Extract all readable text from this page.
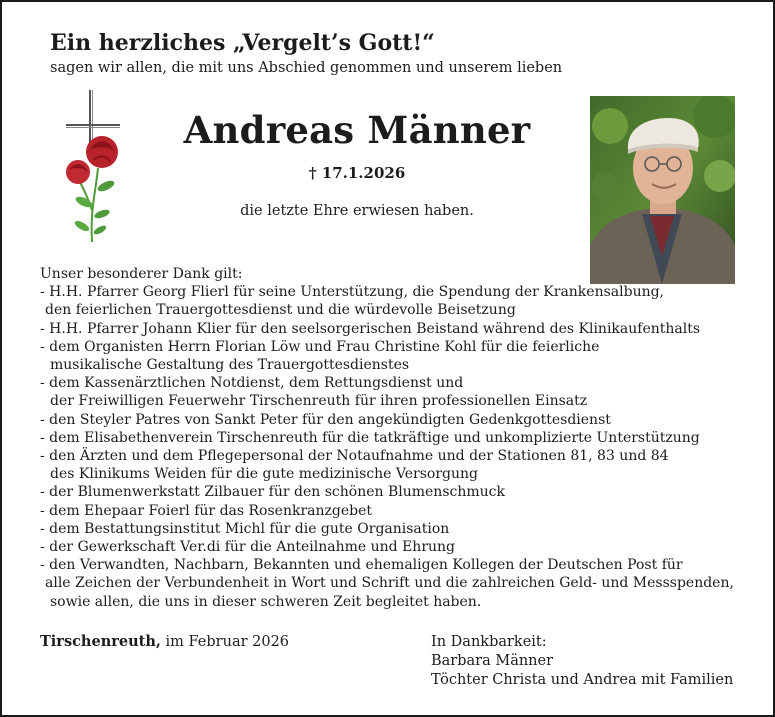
Ein herzliches „Vergelt’s Gott!“
sagen wir allen, die mit uns Abschied genommen und unserem lieben
Andreas Männer
† 17.1.2026
die letzte Ehre erwiesen haben.
Unser besonderer Dank gilt:
- H.H. Pfarrer Georg Flierl für seine Unterstützung, die Spendung der Krankensalbung,
den feierlichen Trauergottesdienst und die würdevolle Beisetzung
- H.H. Pfarrer Johann Klier für den seelsorgerischen Beistand während des Klinikaufenthalts
- dem Organisten Herrn Florian Löw und Frau Christine Kohl für die feierliche
musikalische Gestaltung des Trauergottesdienstes
- dem Kassenärztlichen Notdienst, dem Rettungsdienst und
der Freiwilligen Feuerwehr Tirschenreuth für ihren professionellen Einsatz
- den Steyler Patres von Sankt Peter für den angekündigten Gedenkgottesdienst
- dem Elisabethenverein Tirschenreuth für die tatkräftige und unkomplizierte Unterstützung
- den Ärzten und dem Pflegepersonal der Notaufnahme und der Stationen 81, 83 und 84
des Klinikums Weiden für die gute medizinische Versorgung
- der Blumenwerkstatt Zilbauer für den schönen Blumenschmuck
- dem Ehepaar Foierl für das Rosenkranzgebet
- dem Bestattungsinstitut Michl für die gute Organisation
- der Gewerkschaft Ver.di für die Anteilnahme und Ehrung
- den Verwandten, Nachbarn, Bekannten und ehemaligen Kollegen der Deutschen Post für
alle Zeichen der Verbundenheit in Wort und Schrift und die zahlreichen Geld- und Messspenden,
sowie allen, die uns in dieser schweren Zeit begleitet haben.
Tirschenreuth, im Februar 2026	In Dankbarkeit:
Barbara Männer
Töchter Christa und Andrea mit Familien
